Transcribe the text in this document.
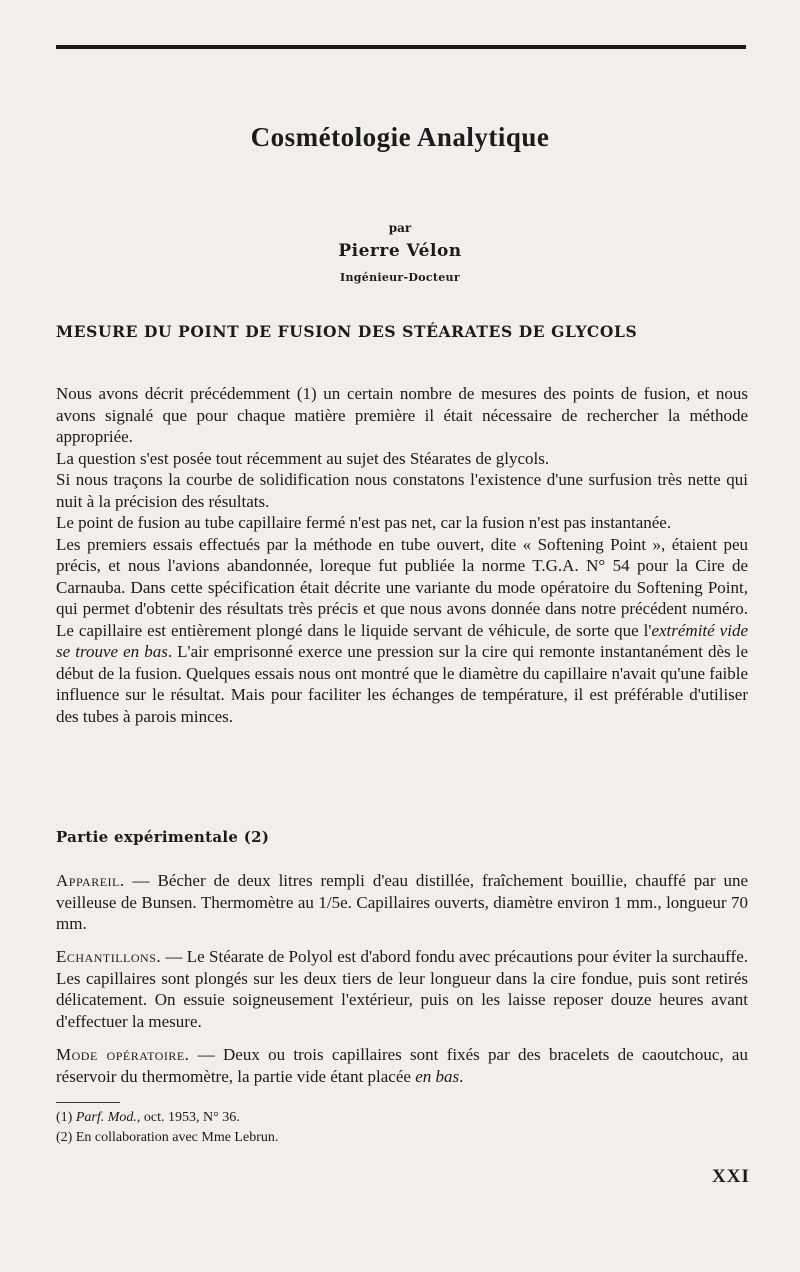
Cosmétologie Analytique
par
Pierre Vélon
Ingénieur-Docteur
MESURE DU POINT DE FUSION DES STÉARATES DE GLYCOLS

Nous avons décrit précédemment (1) un certain nombre de mesures des points de fusion, et nous avons signalé que pour chaque matière première il était nécessaire de rechercher la méthode appropriée.

La question s'est posée tout récemment au sujet des Stéarates de glycols.

Si nous traçons la courbe de solidification nous constatons l'existence d'une surfusion très nette qui nuit à la précision des résultats.

Le point de fusion au tube capillaire fermé n'est pas net, car la fusion n'est pas instantanée.

Les premiers essais effectués par la méthode en tube ouvert, dite « Softening Point », étaient peu précis, et nous l'avions abandonnée, loreque fut publiée la norme T.G.A. N° 54 pour la Cire de Carnauba. Dans cette spécification était décrite une variante du mode opératoire du Softening Point, qui permet d'obtenir des résultats très précis et que nous avons donnée dans notre précédent numéro. Le capillaire est entièrement plongé dans le liquide servant de véhicule, de sorte que l'extrémité vide se trouve en bas. L'air emprisonné exerce une pression sur la cire qui remonte instantanément dès le début de la fusion. Quelques essais nous ont montré que le diamètre du capillaire n'avait qu'une faible influence sur le résultat. Mais pour faciliter les échanges de température, il est préférable d'utiliser des tubes à parois minces.

Partie expérimentale (2)
Appareil. — Bécher de deux litres rempli d'eau distillée, fraîchement bouillie, chauffé par une veilleuse de Bunsen. Thermomètre au 1/5e. Capillaires ouverts, diamètre environ 1 mm., longueur 70 mm.
Echantillons. — Le Stéarate de Polyol est d'abord fondu avec précautions pour éviter la surchauffe. Les capillaires sont plongés sur les deux tiers de leur longueur dans la cire fondue, puis sont retirés délicatement. On essuie soigneusement l'extérieur, puis on les laisse reposer douze heures avant d'effectuer la mesure.
Mode opératoire. — Deux ou trois capillaires sont fixés par des bracelets de caoutchouc, au réservoir du thermomètre, la partie vide étant placée en bas.
(1) Parf. Mod., oct. 1953, N° 36.
(2) En collaboration avec Mme Lebrun.
XXI
